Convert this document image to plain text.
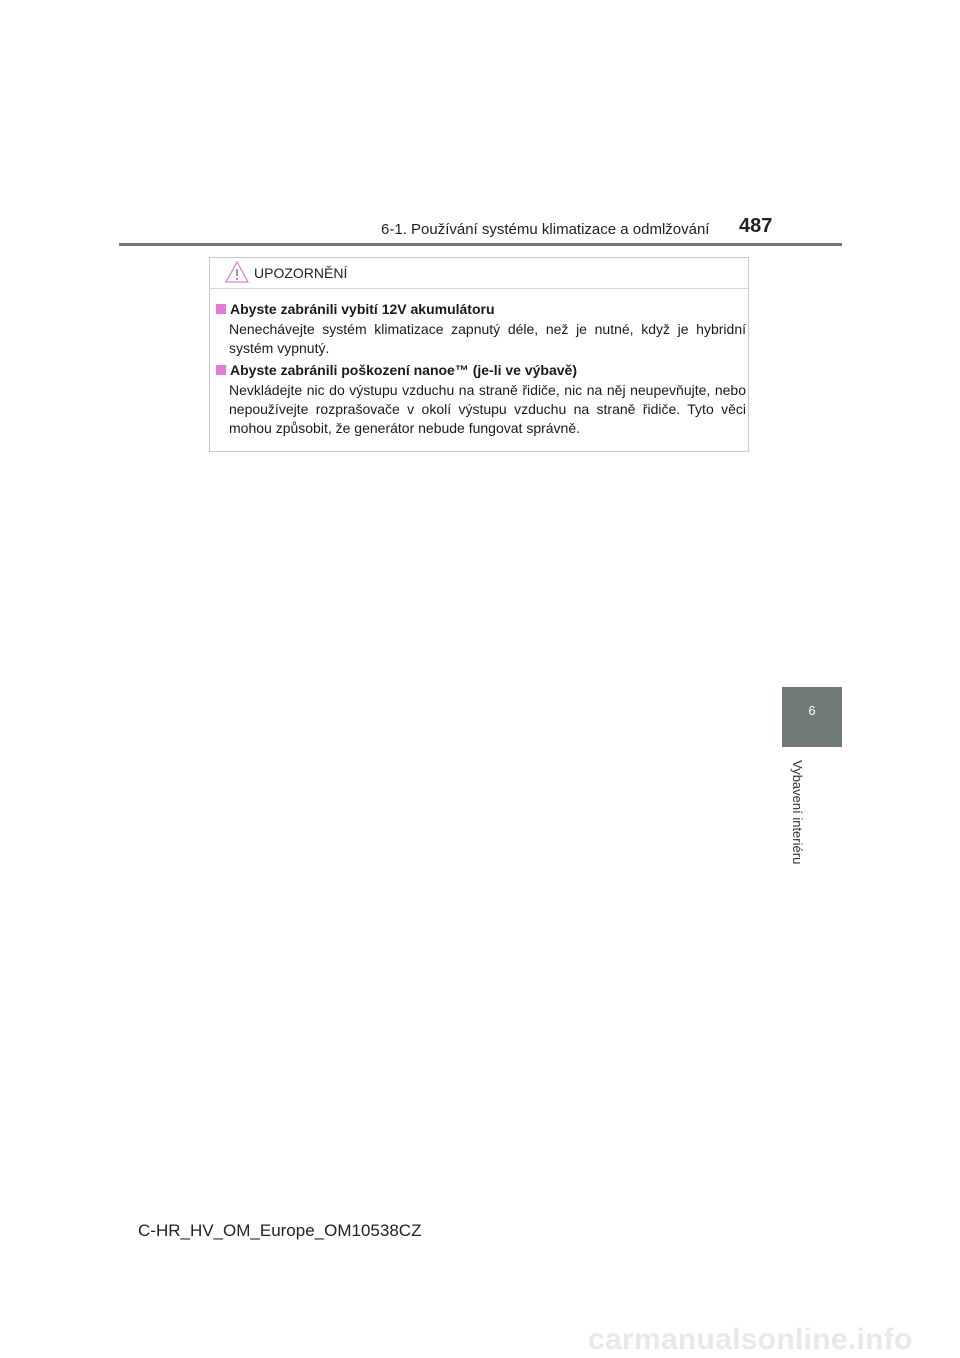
6-1. Používání systému klimatizace a odmlžování 487
UPOZORNĚNÍ
Abyste zabránili vybití 12V akumulátoru
Nenechávejte systém klimatizace zapnutý déle, než je nutné, když je hybridní systém vypnutý.
Abyste zabránili poškození nanoe™ (je-li ve výbavě)
Nevkládejte nic do výstupu vzduchu na straně řidiče, nic na něj neupevňujte, nebo nepoužívejte rozprašovače v okolí výstupu vzduchu na straně řidiče. Tyto věci mohou způsobit, že generátor nebude fungovat správně.
6
Vybavení interiéru
C-HR_HV_OM_Europe_OM10538CZ
carmanualsonline.info
